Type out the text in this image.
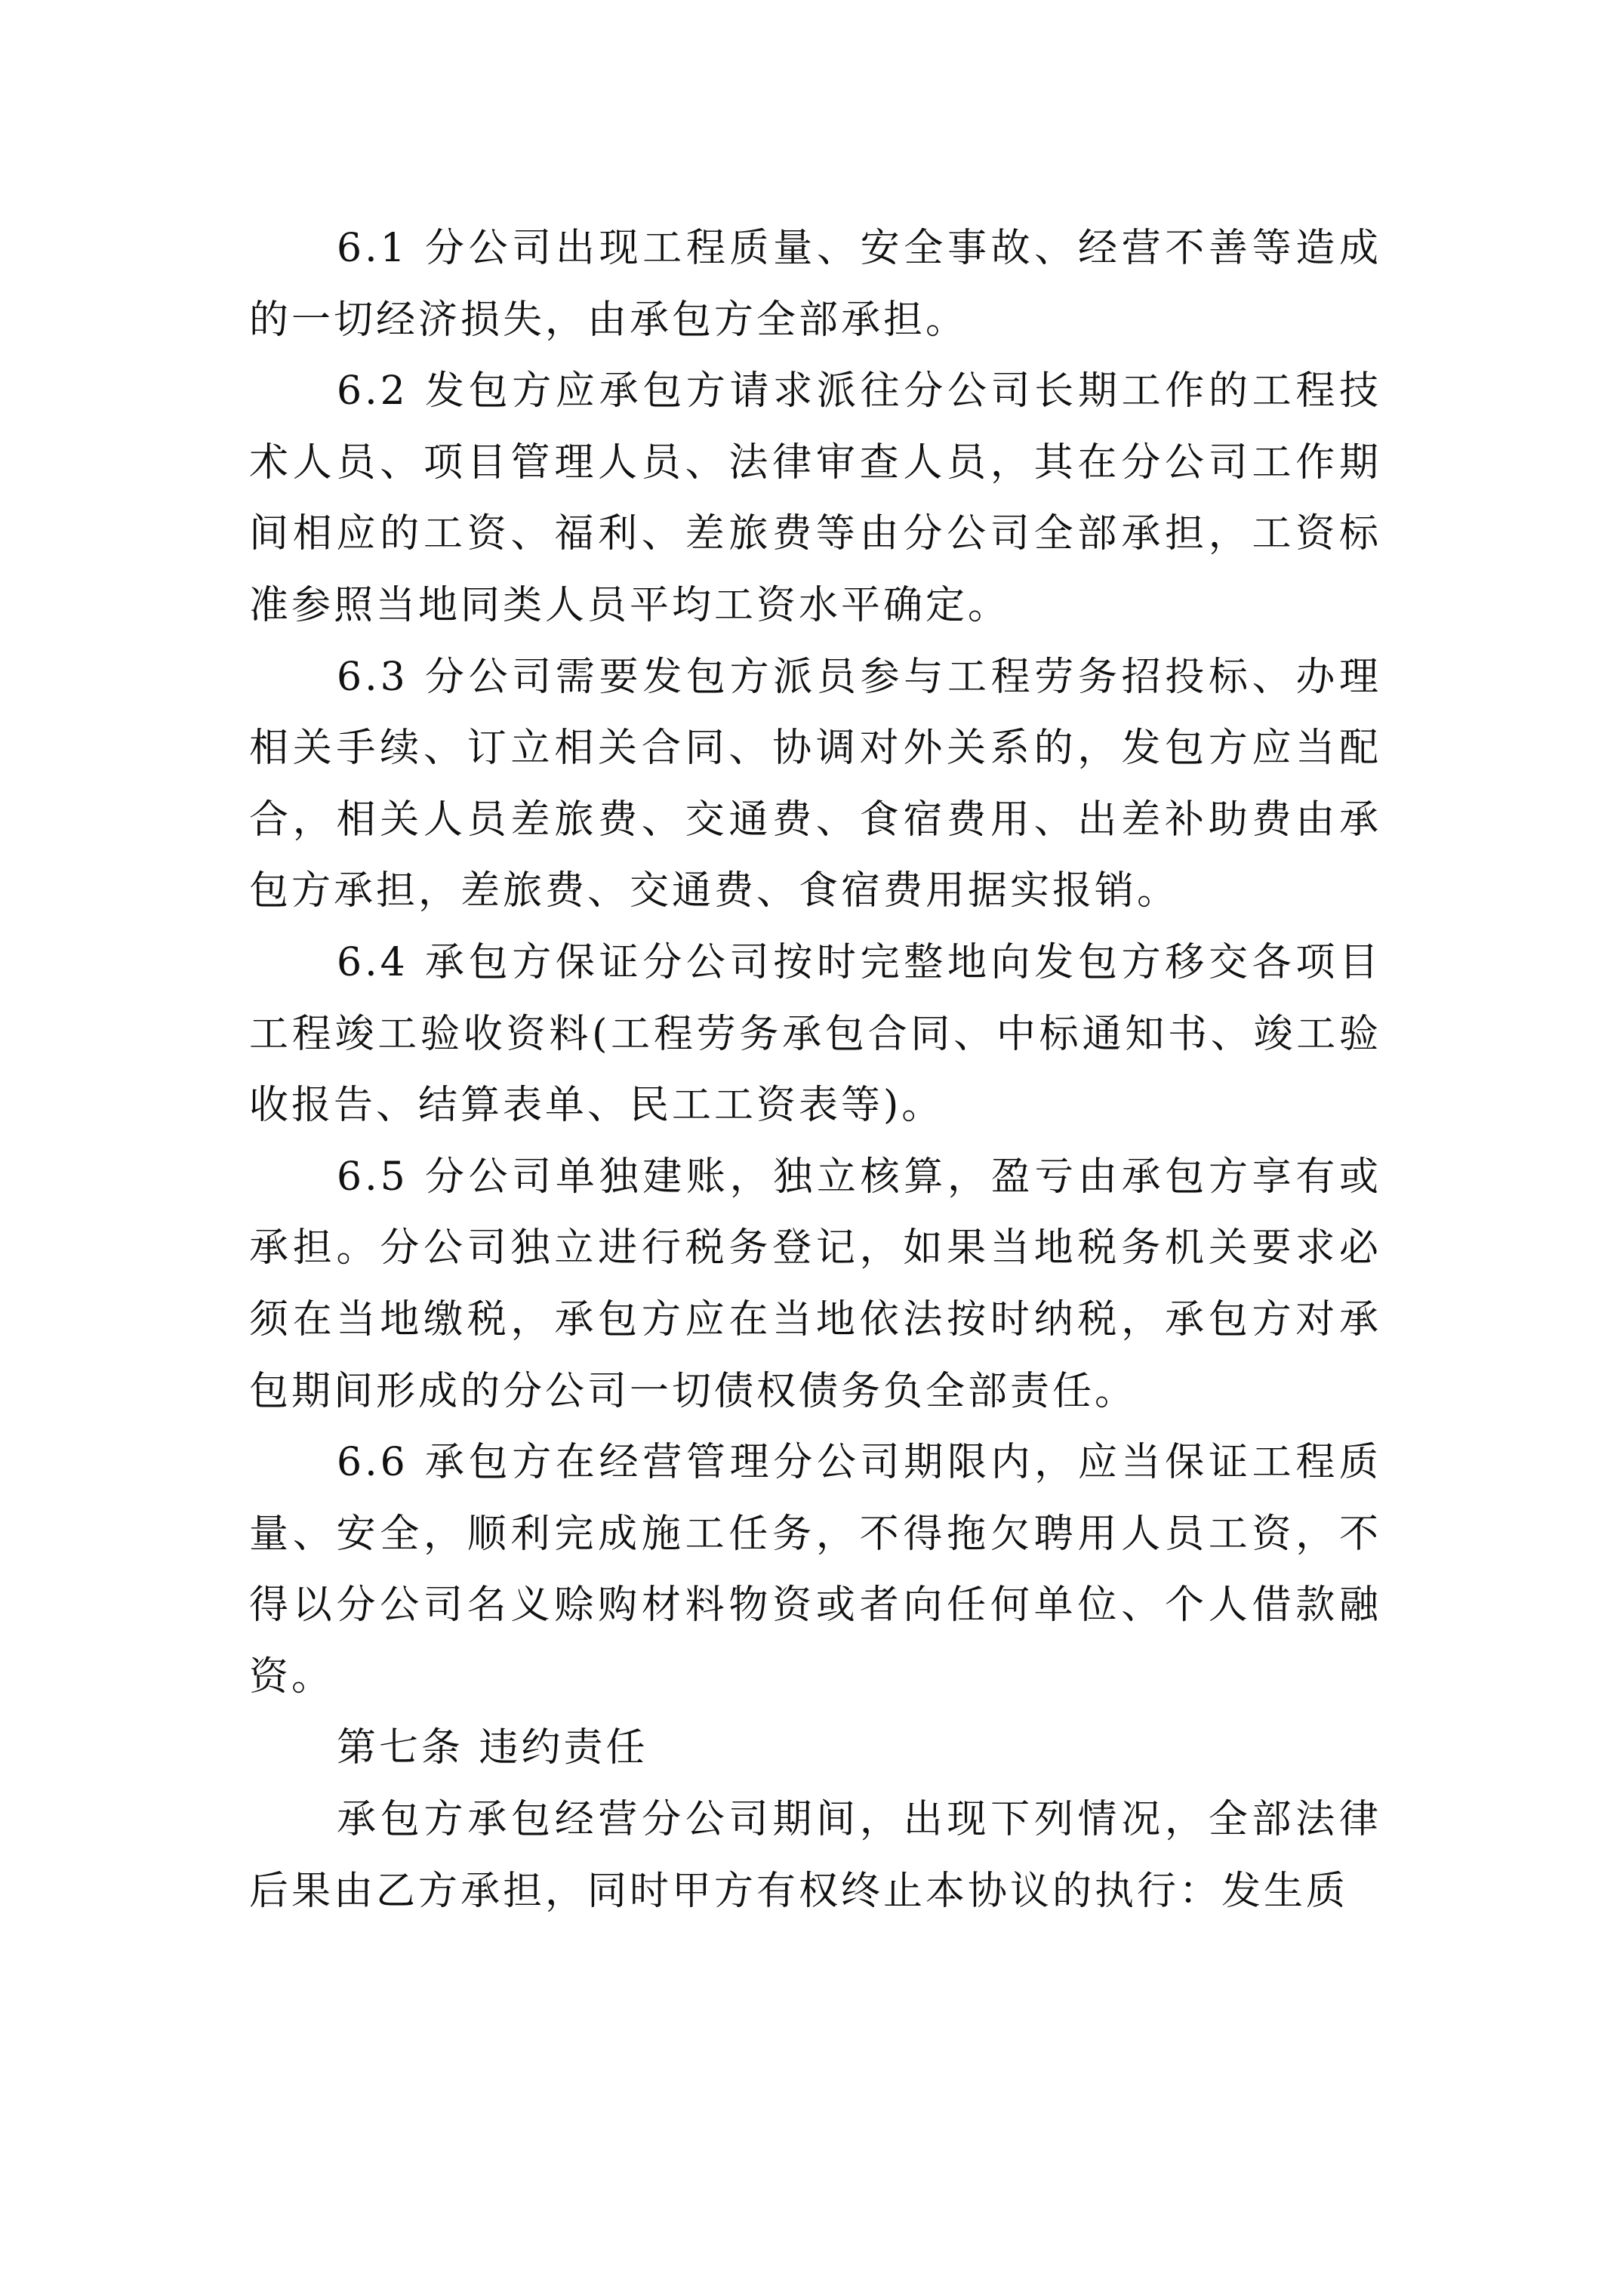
6.1 分公司出现工程质量、安全事故、经营不善等造成的一切经济损失，由承包方全部承担。

6.2 发包方应承包方请求派往分公司长期工作的工程技术人员、项目管理人员、法律审查人员，其在分公司工作期间相应的工资、福利、差旅费等由分公司全部承担，工资标准参照当地同类人员平均工资水平确定。

6.3 分公司需要发包方派员参与工程劳务招投标、办理相关手续、订立相关合同、协调对外关系的，发包方应当配合，相关人员差旅费、交通费、食宿费用、出差补助费由承包方承担，差旅费、交通费、食宿费用据实报销。

6.4 承包方保证分公司按时完整地向发包方移交各项目工程竣工验收资料(工程劳务承包合同、中标通知书、竣工验收报告、结算表单、民工工资表等)。

6.5 分公司单独建账，独立核算，盈亏由承包方享有或承担。分公司独立进行税务登记，如果当地税务机关要求必须在当地缴税，承包方应在当地依法按时纳税，承包方对承包期间形成的分公司一切债权债务负全部责任。

6.6 承包方在经营管理分公司期限内，应当保证工程质量、安全，顺利完成施工任务，不得拖欠聘用人员工资，不得以分公司名义赊购材料物资或者向任何单位、个人借款融资。

第七条 违约责任

承包方承包经营分公司期间，出现下列情况，全部法律后果由乙方承担，同时甲方有权终止本协议的执行：发生质
